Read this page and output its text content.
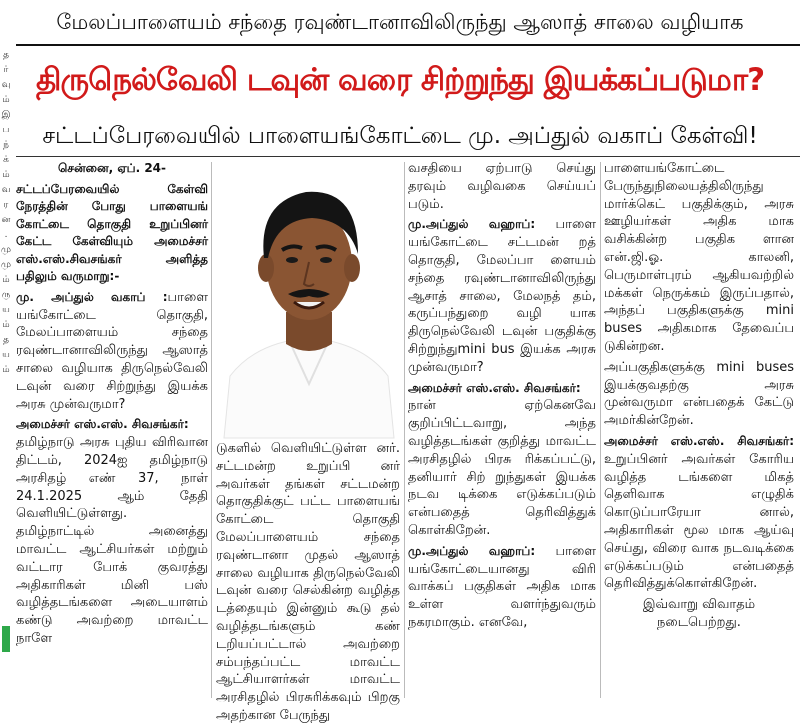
த ர் வு ம் இ ப ந் க் ம் வ ர ன . மு மு ம் ரு ய ம் த ய ம்
மேலப்பாளையம் சந்தை ரவுண்டானாவிலிருந்து ஆஸாத் சாலை வழியாக
திருநெல்வேலி டவுன் வரை சிற்றுந்து இயக்கப்படுமா?
சட்டப்பேரவையில் பாளையங்கோட்டை மு. அப்துல் வகாப் கேள்வி!

சென்னை, ஏப். 24-

சட்டப்பேரவையில் கேள்வி நேரத்தின் போது பாளையங் கோட்டை தொகுதி உறுப்பினர் கேட்ட கேள்வியும் அமைச்சர் எஸ்.எஸ்.சிவசங்கர் அளித்த பதிலும் வருமாறு:-

மு. அப்துல் வகாப் :பாளை யங்கோட்டை தொகுதி, மேலப்பாளையம் சந்தை ரவுண்டானாவிலிருந்து ஆஸாத் சாலை வழியாக திருநெல்வேலி டவுன் வரை சிற்றுந்து இயக்க அரசு முன்வருமா?

அமைச்சர் எஸ்.எஸ். சிவசங்கர்:
தமிழ்நாடு அரசு புதிய விரிவான திட்டம், 2024ஐ தமிழ்நாடு அரசிதழ் எண் 37, நாள் 24.1.2025 ஆம் தேதி வெளியிட்டுள்ளது. தமிழ்நாட்டில் அனைத்து மாவட்ட ஆட்சியர்கள் மற்றும் வட்டார போக் குவரத்து அதிகாரிகள் மினி பஸ் வழித்தடங்களை அடையாளம் கண்டு அவற்றை மாவட்ட நாளே

டுகளில் வெளியிட்டுள்ள னர். சட்டமன்ற உறுப்பி னர் அவர்கள் தங்கள் சட்டமன்ற தொகுதிக்குட் பட்ட பாளையங் கோட்டை தொகுதி மேலப்பாளையம் சந்தை ரவுண்டானா முதல் ஆஸாத் சாலை வழியாக திருநெல்வேலி டவுன் வரை செல்கின்ற வழித்த டத்தையும் இன்னும் கூடு தல் வழித்தடங்களும் கண் டறியப்பட்டால் அவற்றை சம்பந்தப்பட்ட மாவட்ட ஆட்சியாளர்கள் மாவட்ட அரசிதழில் பிரசுரிக்கவும் பிறகு அதற்கான பேருந்து

வசதியை ஏற்பாடு செய்து தரவும் வழிவகை செய்யப் படும்.

மு.அப்துல் வஹாப்: பாளை யங்கோட்டை சட்டமன் றத் தொகுதி, மேலப்பா ளையம் சந்தை ரவுண்டானாவிலிருந்து ஆசாத் சாலை, மேலநத் தம், கருப்பந்துறை வழி யாக திருநெல்வேலி டவுன் பகுதிக்கு சிற்றுந்துmini bus இயக்க அரசு முன்வருமா?

அமைச்சர் எஸ்.எஸ். சிவசங்கர்:
நான் ஏற்கெனவே குறிப்பிட்டவாறு, அந்த வழித்தடங்கள் குறித்து மாவட்ட அரசிதழில் பிரசு ரிக்கப்பட்டு, தனியார் சிற் றுந்துகள் இயக்க நடவ டிக்கை எடுக்கப்படும் என்பதைத் தெரிவித்துக் கொள்கிறேன்.

மு.அப்துல் வஹாப்: பாளை யங்கோட்டையானது விரி வாக்கப் பகுதிகள் அதிக மாக உள்ள வளர்ந்துவரும் நகரமாகும். எனவே,

பாளையங்கோட்டை பேருந்துநிலையத்திலிருந்து மார்க்கெட் பகுதிக்கும், அரசு ஊழியர்கள் அதிக மாக வசிக்கின்ற பகுதிக ளான என்.ஜி.ஓ. காலனி, பெருமாள்புரம் ஆகியவற்றில் மக்கள் நெருக்கம் இருப்பதால், அந்தப் பகுதிகளுக்கு mini buses அதிகமாக தேவைப்ப டுகின்றன.

அப்பகுதிகளுக்கு mini buses இயக்குவதற்கு அரசு முன்வருமா என்பதைக் கேட்டு அமர்கின்றேன்.

அமைச்சர் எஸ்.எஸ். சிவசங்கர்: உறுப்பினர் அவர்கள் கோரிய வழித்த டங்களை மிகத் தெளிவாக எழுதிக் கொடுப்பாரேயா னால், அதிகாரிகள் மூல மாக ஆய்வு செய்து, விரை வாக நடவடிக்கை எடுக்கப்படும் என்பதைத் தெரிவித்துக்கொள்கிறேன்.

இவ்வாறு விவாதம் நடைபெற்றது.
